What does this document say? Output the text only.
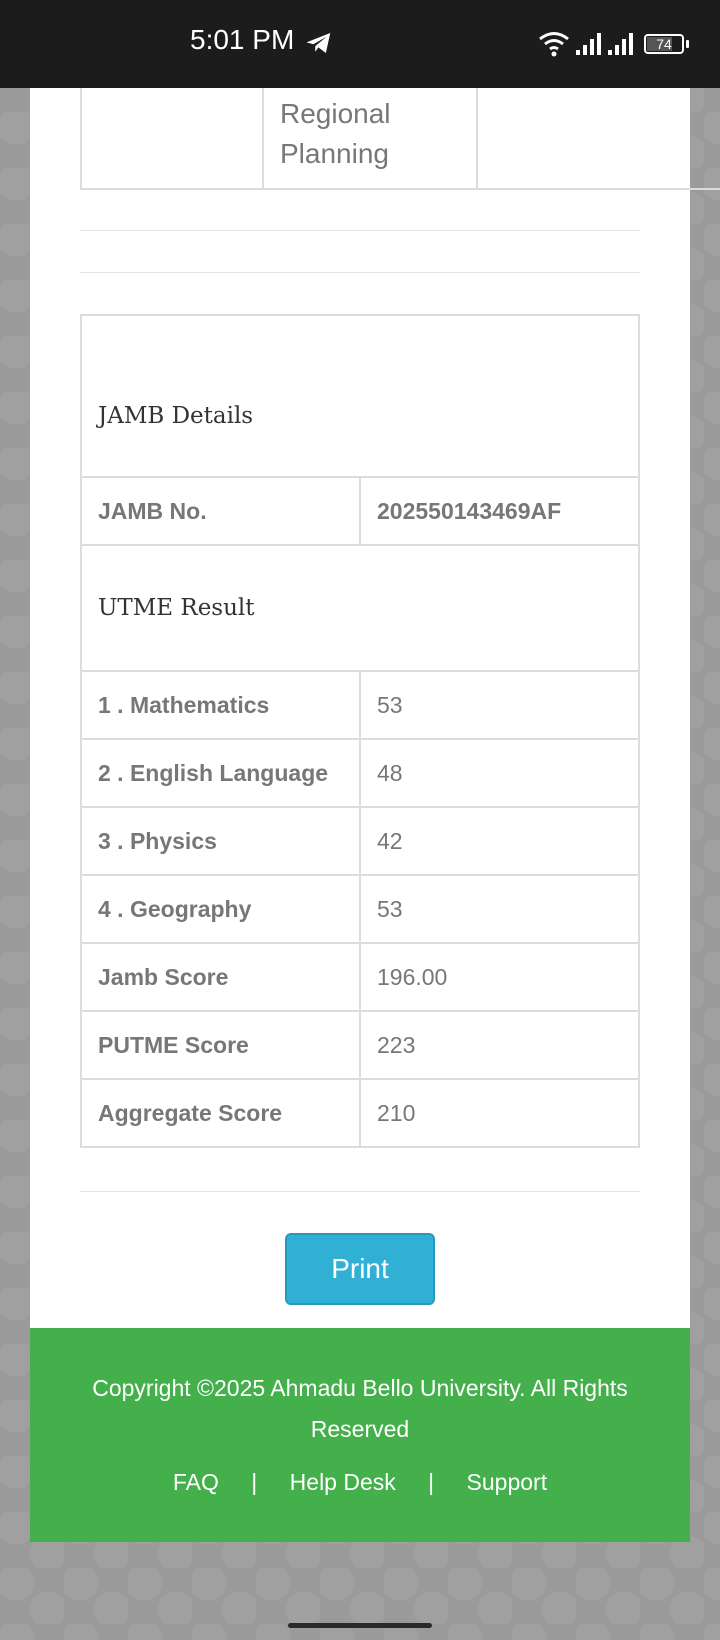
5:01 PM	74
Regional
Planning
JAMB Details	
JAMB No.	202550143469AF
UTME Result	
1 . Mathematics	53
2 . English Language	48
3 . Physics	42
4 . Geography	53
Jamb Score	196.00
PUTME Score	223
Aggregate Score	210
Print
Copyright ©2025 Ahmadu Bello University. All Rights Reserved
FAQ | Help Desk | Support
